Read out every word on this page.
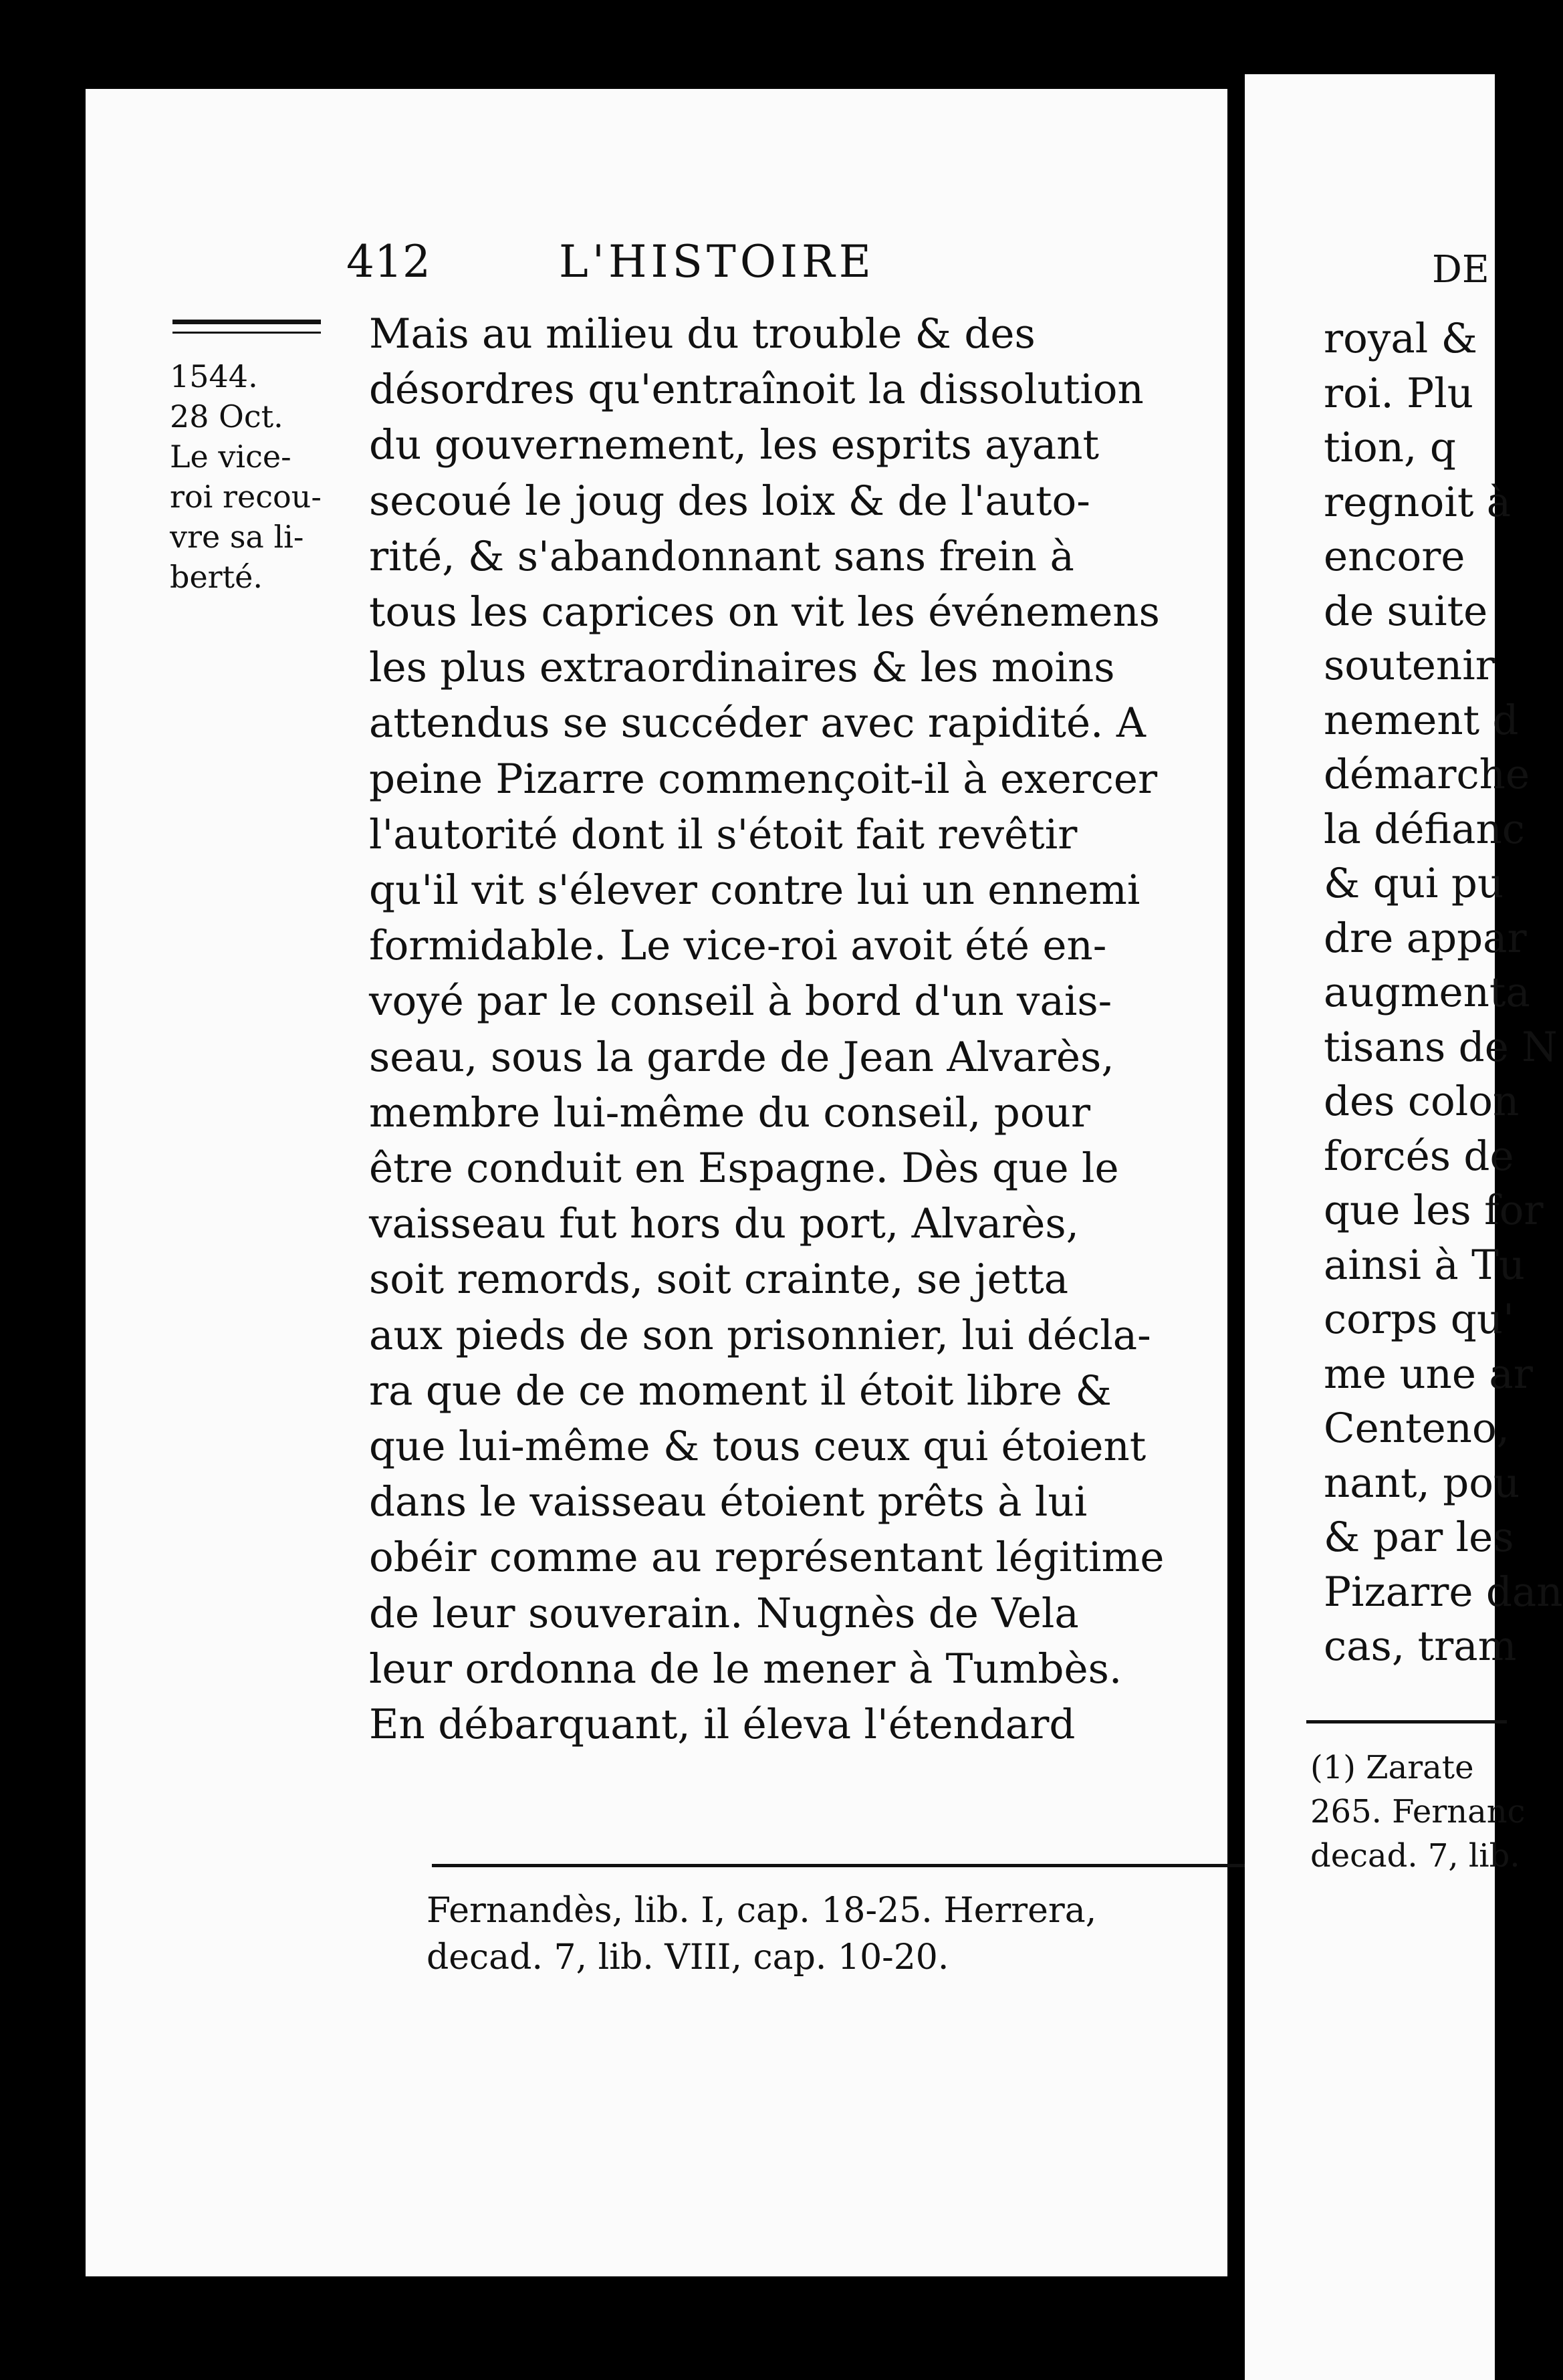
412	L'HISTOIRE
1544.
28 Oct.
Le vice-
roi recou-
vre sa li-
berté.
Mais au milieu du trouble & des
désordres qu'entraînoit la dissolution
du gouvernement, les esprits ayant
secoué le joug des loix & de l'auto-
rité, & s'abandonnant sans frein à
tous les caprices on vit les événemens
les plus extraordinaires & les moins
attendus se succéder avec rapidité. A
peine Pizarre commençoit-il à exercer
l'autorité dont il s'étoit fait revêtir
qu'il vit s'élever contre lui un ennemi
formidable. Le vice-roi avoit été en-
voyé par le conseil à bord d'un vais-
seau, sous la garde de Jean Alvarès,
membre lui-même du conseil, pour
être conduit en Espagne. Dès que le
vaisseau fut hors du port, Alvarès,
soit remords, soit crainte, se jetta
aux pieds de son prisonnier, lui décla-
ra que de ce moment il étoit libre &
que lui-même & tous ceux qui étoient
dans le vaisseau étoient prêts à lui
obéir comme au représentant légitime
de leur souverain. Nugnès de Vela
leur ordonna de le mener à Tumbès.
En débarquant, il éleva l'étendard
Fernandès, lib. I, cap. 18-25. Herrera,
decad. 7, lib. VIII, cap. 10-20.
DE
royal &
roi. Plu
tion, q
regnoit à
encore
de suite
soutenir
nement d
démarche
la défianc
& qui pu
dre appar
augmenta
tisans de N
des colon
forcés de
que les for
ainsi à Tu
corps qu'
me une ar
Centeno,
nant, pou
& par les
Pizarre dan
cas, tram
(1) Zarate
265. Fernanc
decad. 7, lib.
